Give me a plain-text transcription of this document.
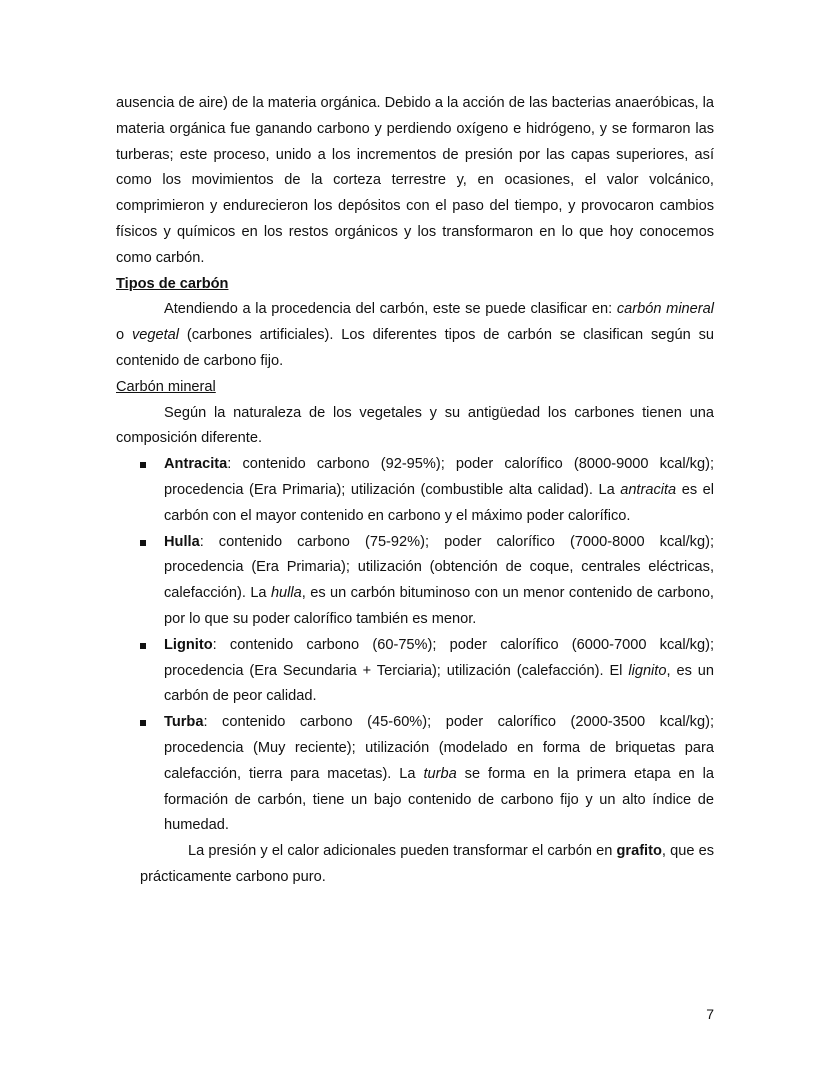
ausencia de aire) de la materia orgánica. Debido a la acción de las bacterias anaeróbicas, la materia orgánica fue ganando carbono y perdiendo oxígeno e hidrógeno, y se formaron las turberas; este proceso, unido a los incrementos de presión por las capas superiores, así como los movimientos de la corteza terrestre y, en ocasiones, el valor volcánico, comprimieron y endurecieron los depósitos con el paso del tiempo, y provocaron cambios físicos y químicos en los restos orgánicos y los transformaron en lo que hoy conocemos como carbón.

Tipos de carbón

Atendiendo a la procedencia del carbón, este se puede clasificar en: carbón mineral o vegetal (carbones artificiales). Los diferentes tipos de carbón se clasifican según su contenido de carbono fijo.

Carbón mineral

Según la naturaleza de los vegetales y su antigüedad los carbones tienen una composición diferente.

Antracita: contenido carbono (92-95%); poder calorífico (8000-9000 kcal/kg); procedencia (Era Primaria); utilización (combustible alta calidad). La antracita es el carbón con el mayor contenido en carbono y el máximo poder calorífico.
Hulla: contenido carbono (75-92%); poder calorífico (7000-8000 kcal/kg); procedencia (Era Primaria); utilización (obtención de coque, centrales eléctricas, calefacción). La hulla, es un carbón bituminoso con un menor contenido de carbono, por lo que su poder calorífico también es menor.
Lignito: contenido carbono (60-75%); poder calorífico (6000-7000 kcal/kg); procedencia (Era Secundaria + Terciaria); utilización (calefacción). El lignito, es un carbón de peor calidad.
Turba: contenido carbono (45-60%); poder calorífico (2000-3500 kcal/kg); procedencia (Muy reciente); utilización (modelado en forma de briquetas para calefacción, tierra para macetas). La turba se forma en la primera etapa en la formación de carbón, tiene un bajo contenido de carbono fijo y un alto índice de humedad.

La presión y el calor adicionales pueden transformar el carbón en grafito, que es prácticamente carbono puro.

7
